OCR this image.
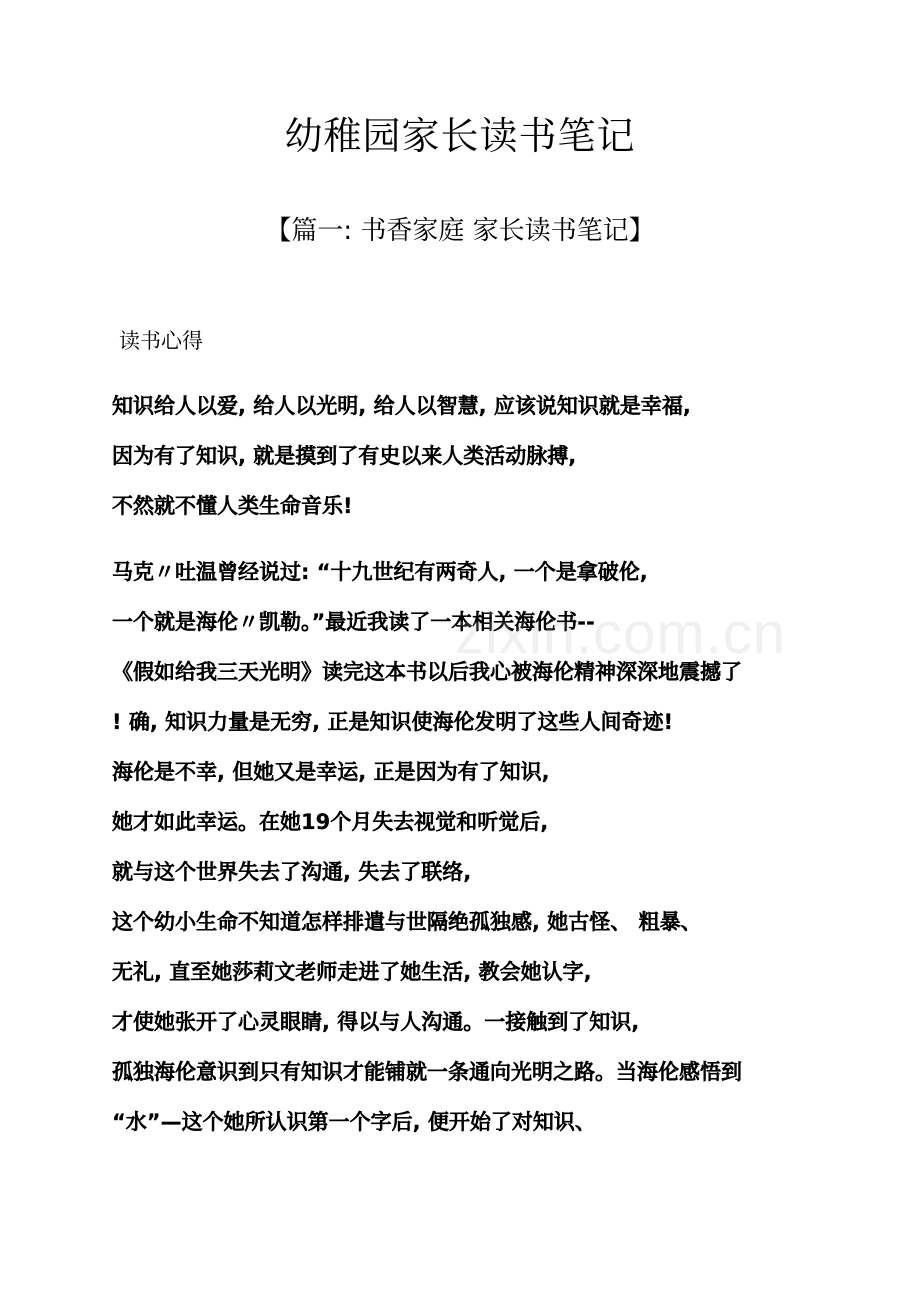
幼稚园家长读书笔记
【篇一: 书香家庭 家长读书笔记】
读书心得
知识给人以爱, 给人以光明, 给人以智慧, 应该说知识就是幸福,
因为有了知识, 就是摸到了有史以来人类活动脉搏,
不然就不懂人类生命音乐!
马克〃吐温曾经说过: “十九世纪有两奇人, 一个是拿破伦,
一个就是海伦〃凯勒。”最近我读了一本相关海伦书--
《假如给我三天光明》读完这本书以后我心被海伦精神深深地震撼了
! 确, 知识力量是无穷, 正是知识使海伦发明了这些人间奇迹!
海伦是不幸, 但她又是幸运, 正是因为有了知识,
她才如此幸运。在她19个月失去视觉和听觉后,
就与这个世界失去了沟通, 失去了联络,
这个幼小生命不知道怎样排遣与世隔绝孤独感, 她古怪、 粗暴、
无礼, 直至她莎莉文老师走进了她生活, 教会她认字,
才使她张开了心灵眼睛, 得以与人沟通。一接触到了知识,
孤独海伦意识到只有知识才能铺就一条通向光明之路。当海伦感悟到
“水”—这个她所认识第一个字后, 便开始了对知识、
zixin.com.cn
